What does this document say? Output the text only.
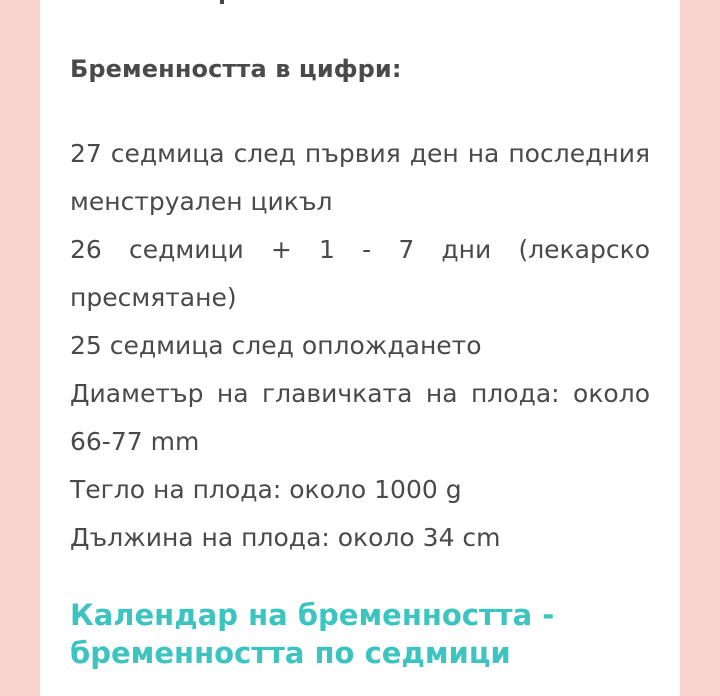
Бременността в цифри:
27 седмица след първия ден на последния менструален цикъл
26 седмици + 1 - 7 дни (лекарско пресмятане)
25 седмица след оплождането
Диаметър на главичката на плода: около 66-77 mm
Тегло на плода: около 1000 g
Дължина на плода: около 34 cm
Календар на бременността - бременността по седмици
